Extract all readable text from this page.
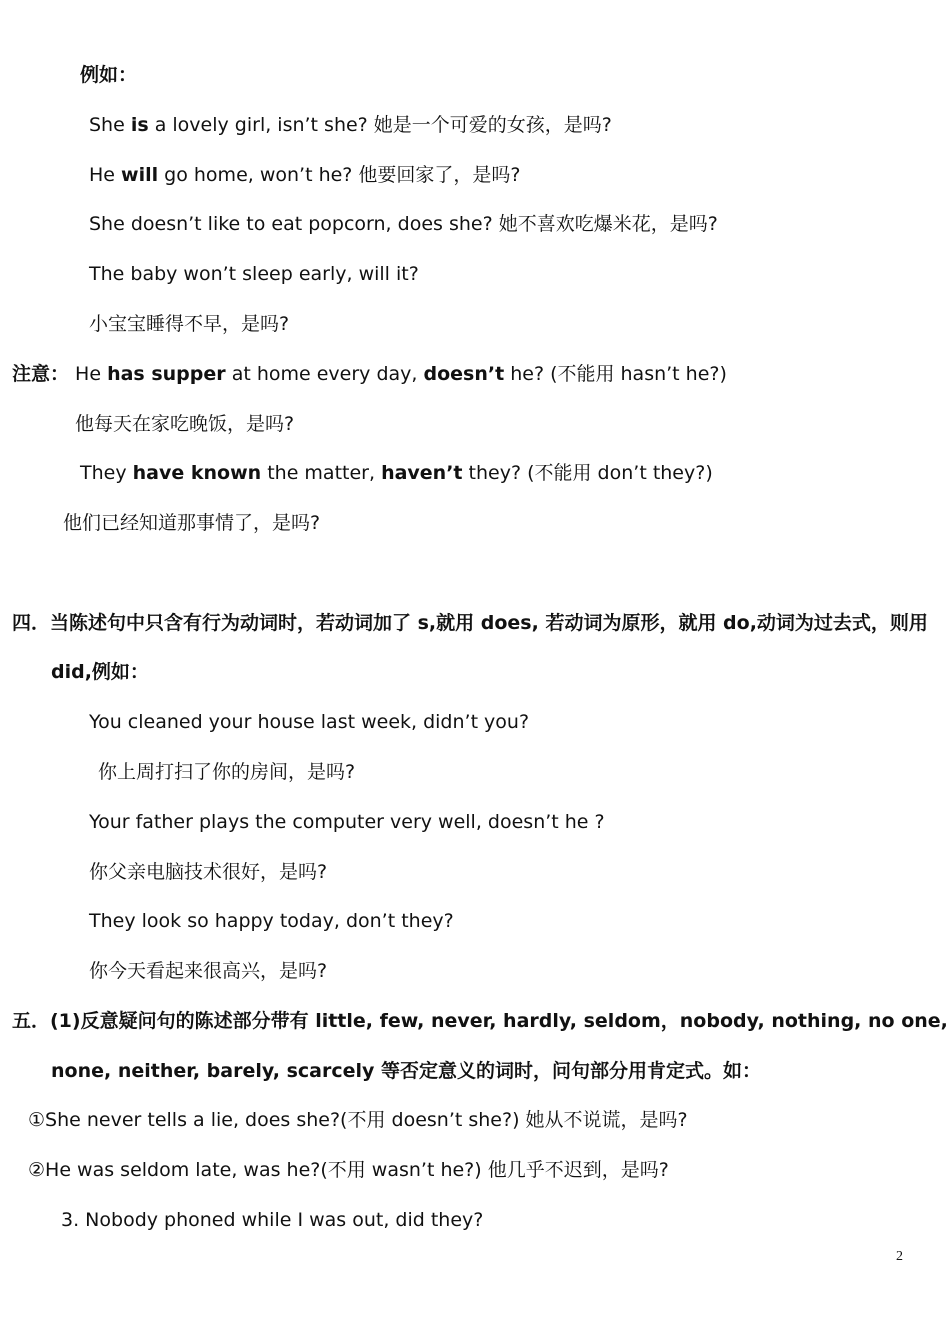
例如：

She is a lovely girl, isn’t she? 她是一个可爱的女孩，是吗?

He will go home, won’t he? 他要回家了，是吗?

She doesn’t like to eat popcorn, does she? 她不喜欢吃爆米花，是吗?

The baby won’t sleep early, will it?

小宝宝睡得不早，是吗?

注意： He has supper at home every day, doesn’t he? (不能用 hasn’t he?)

他每天在家吃晚饭，是吗?

They have known the matter, haven’t they? (不能用 don’t they?)

他们已经知道那事情了，是吗?

四．当陈述句中只含有行为动词时，若动词加了 s,就用 does, 若动词为原形，就用 do,动词为过去式，则用

did,例如：

You cleaned your house last week, didn’t you?

你上周打扫了你的房间，是吗?

Your father plays the computer very well, doesn’t he ?

你父亲电脑技术很好，是吗?

They look so happy today, don’t they?

你今天看起来很高兴，是吗?

五．(1)反意疑问句的陈述部分带有 little, few, never, hardly, seldom，nobody, nothing, no one,

none, neither, barely, scarcely 等否定意义的词时，问句部分用肯定式。如：

①She never tells a lie, does she?(不用 doesn’t she?) 她从不说谎，是吗?

②He was seldom late, was he?(不用 wasn’t he?) 他几乎不迟到，是吗?

3. Nobody phoned while I was out, did they?

2
